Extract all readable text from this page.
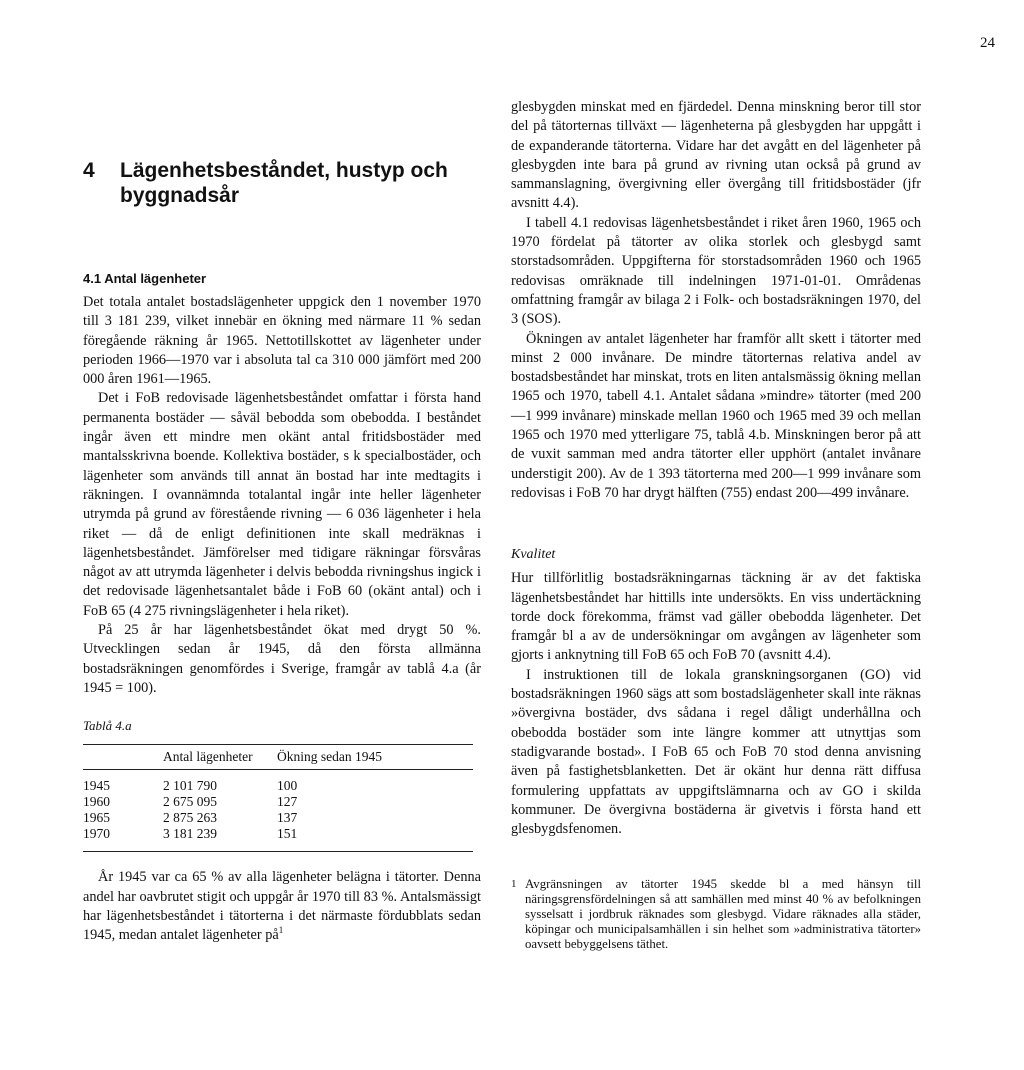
24
4	Lägenhetsbeståndet, hustyp och byggnadsår
4.1 Antal lägenheter

Det totala antalet bostadslägenheter uppgick den 1 november 1970 till 3 181 239, vilket innebär en ökning med närmare 11 % sedan föregående räkning år 1965. Nettotillskottet av lägenheter under perioden 1966—1970 var i absoluta tal ca 310 000 jämfört med 200 000 åren 1961—1965.

Det i FoB redovisade lägenhetsbeståndet omfattar i första hand permanenta bostäder — såväl bebodda som obebodda. I beståndet ingår även ett mindre men okänt antal fritidsbostäder med mantalsskrivna boende. Kollektiva bostäder, s k specialbostäder, och lägenheter som används till annat än bostad har inte medtagits i räkningen. I ovannämnda totalantal ingår inte heller lägenheter utrymda på grund av förestående rivning — 6 036 lägenheter i hela riket — då de enligt definitionen inte skall medräknas i lägenhetsbeståndet. Jämförelser med tidigare räkningar försvåras något av att utrymda lägenheter i delvis bebodda rivningshus ingick i det redovisade lägenhetsantalet både i FoB 60 (okänt antal) och i FoB 65 (4 275 rivningslägenheter i hela riket).

På 25 år har lägenhetsbeståndet ökat med drygt 50 %. Utvecklingen sedan år 1945, då den första allmänna bostadsräkningen genomfördes i Sverige, framgår av tablå 4.a (år 1945 = 100).

Tablå 4.a
	Antal lägenheter	Ökning sedan 1945
1945	2 101 790	100
1960	2 675 095	127
1965	2 875 263	137
1970	3 181 239	151

År 1945 var ca 65 % av alla lägenheter belägna i tätorter. Denna andel har oavbrutet stigit och uppgår år 1970 till 83 %. Antalsmässigt har lägenhetsbeståndet i tätorterna i det närmaste fördubblats sedan 1945, medan antalet lägenheter $på^1$

glesbygden minskat med en fjärdedel. Denna minskning beror till stor del på tätorternas tillväxt — lägenheterna på glesbygden har uppgått i de expanderande tätorterna. Vidare har det avgått en del lägenheter på glesbygden inte bara på grund av rivning utan också på grund av sammanslagning, övergivning eller övergång till fritidsbostäder (jfr avsnitt 4.4).

I tabell 4.1 redovisas lägenhetsbeståndet i riket åren 1960, 1965 och 1970 fördelat på tätorter av olika storlek och glesbygd samt storstadsområden. Uppgifterna för storstadsområden 1960 och 1965 redovisas omräknade till indelningen 1971-01-01. Områdenas omfattning framgår av bilaga 2 i Folk- och bostadsräkningen 1970, del 3 (SOS).

Ökningen av antalet lägenheter har framför allt skett i tätorter med minst 2 000 invånare. De mindre tätorternas relativa andel av bostadsbeståndet har minskat, trots en liten antalsmässig ökning mellan 1965 och 1970, tabell 4.1. Antalet sådana »mindre» tätorter (med 200—1 999 invånare) minskade mellan 1960 och 1965 med 39 och mellan 1965 och 1970 med ytterligare 75, tablå 4.b. Minskningen beror på att de vuxit samman med andra tätorter eller upphört (antalet invånare understigit 200). Av de 1 393 tätorterna med 200—1 999 invånare som redovisas i FoB 70 har drygt hälften (755) endast 200—499 invånare.

Kvalitet

Hur tillförlitlig bostadsräkningarnas täckning är av det faktiska lägenhetsbeståndet har hittills inte undersökts. En viss undertäckning torde dock förekomma, främst vad gäller obebodda lägenheter. Det framgår bl a av de undersökningar om avgången av lägenheter som gjorts i anknytning till FoB 65 och FoB 70 (avsnitt 4.4).

I instruktionen till de lokala granskningsorganen (GO) vid bostadsräkningen 1960 sägs att som bostadslägenheter skall inte räknas »övergivna bostäder, dvs sådana i regel dåligt underhållna och obebodda bostäder som inte längre kommer att utnyttjas som stadigvarande bostad». I FoB 65 och FoB 70 stod denna anvisning även på fastighetsblanketten. Det är okänt hur denna rätt diffusa formulering uppfattats av uppgiftslämnarna och av GO i skilda kommuner. De övergivna bostäderna är givetvis i första hand ett glesbygdsfenomen.

1 Avgränsningen av tätorter 1945 skedde bl a med hänsyn till näringsgrensfördelningen så att samhällen med minst 40 % av befolkningen sysselsatt i jordbruk räknades som glesbygd. Vidare räknades alla städer, köpingar och municipalsamhällen i sin helhet som »administrativa tätorter» oavsett bebyggelsens täthet.
